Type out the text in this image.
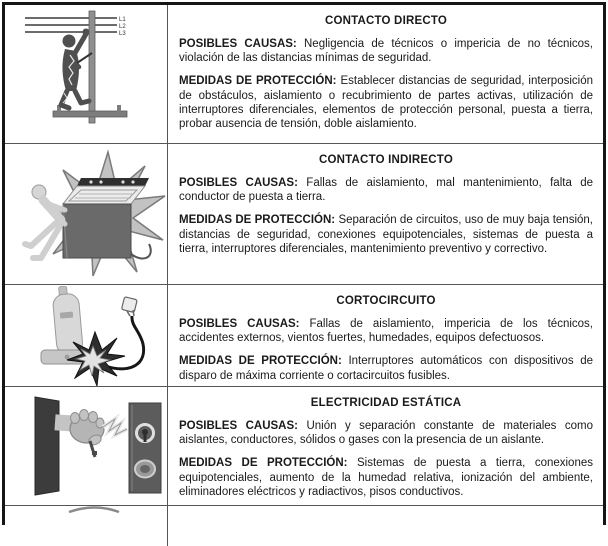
L1
L2
L3
CONTACTO DIRECTO

POSIBLES CAUSAS: Negligencia de técnicos o impericia de no técnicos, violación de las distancias mínimas de seguridad.

MEDIDAS DE PROTECCIÓN: Establecer distancias de seguridad, interposición de obstáculos, aislamiento o recubrimiento de partes activas, utilización de interruptores diferenciales, elementos de protección personal, puesta a tierra, probar ausencia de tensión, doble aislamiento.

CONTACTO INDIRECTO

POSIBLES CAUSAS: Fallas de aislamiento, mal mantenimiento, falta de conductor de puesta a tierra.

MEDIDAS DE PROTECCIÓN: Separación de circuitos, uso de muy baja tensión, distancias de seguridad, conexiones equipotenciales, sistemas de puesta a tierra, interruptores diferenciales, mantenimiento preventivo y correctivo.

CORTOCIRCUITO

POSIBLES CAUSAS: Fallas de aislamiento, impericia de los técnicos, accidentes externos, vientos fuertes, humedades, equipos defectuosos.

MEDIDAS DE PROTECCIÓN: Interruptores automáticos con dispositivos de disparo de máxima corriente o cortacircuitos fusibles.

ELECTRICIDAD ESTÁTICA

POSIBLES CAUSAS: Unión y separación constante de materiales como aislantes, conductores, sólidos o gases con la presencia de un aislante.

MEDIDAS DE PROTECCIÓN: Sistemas de puesta a tierra, conexiones equipotenciales, aumento de la humedad relativa, ionización del ambiente, eliminadores eléctricos y radiactivos, pisos conductivos.
